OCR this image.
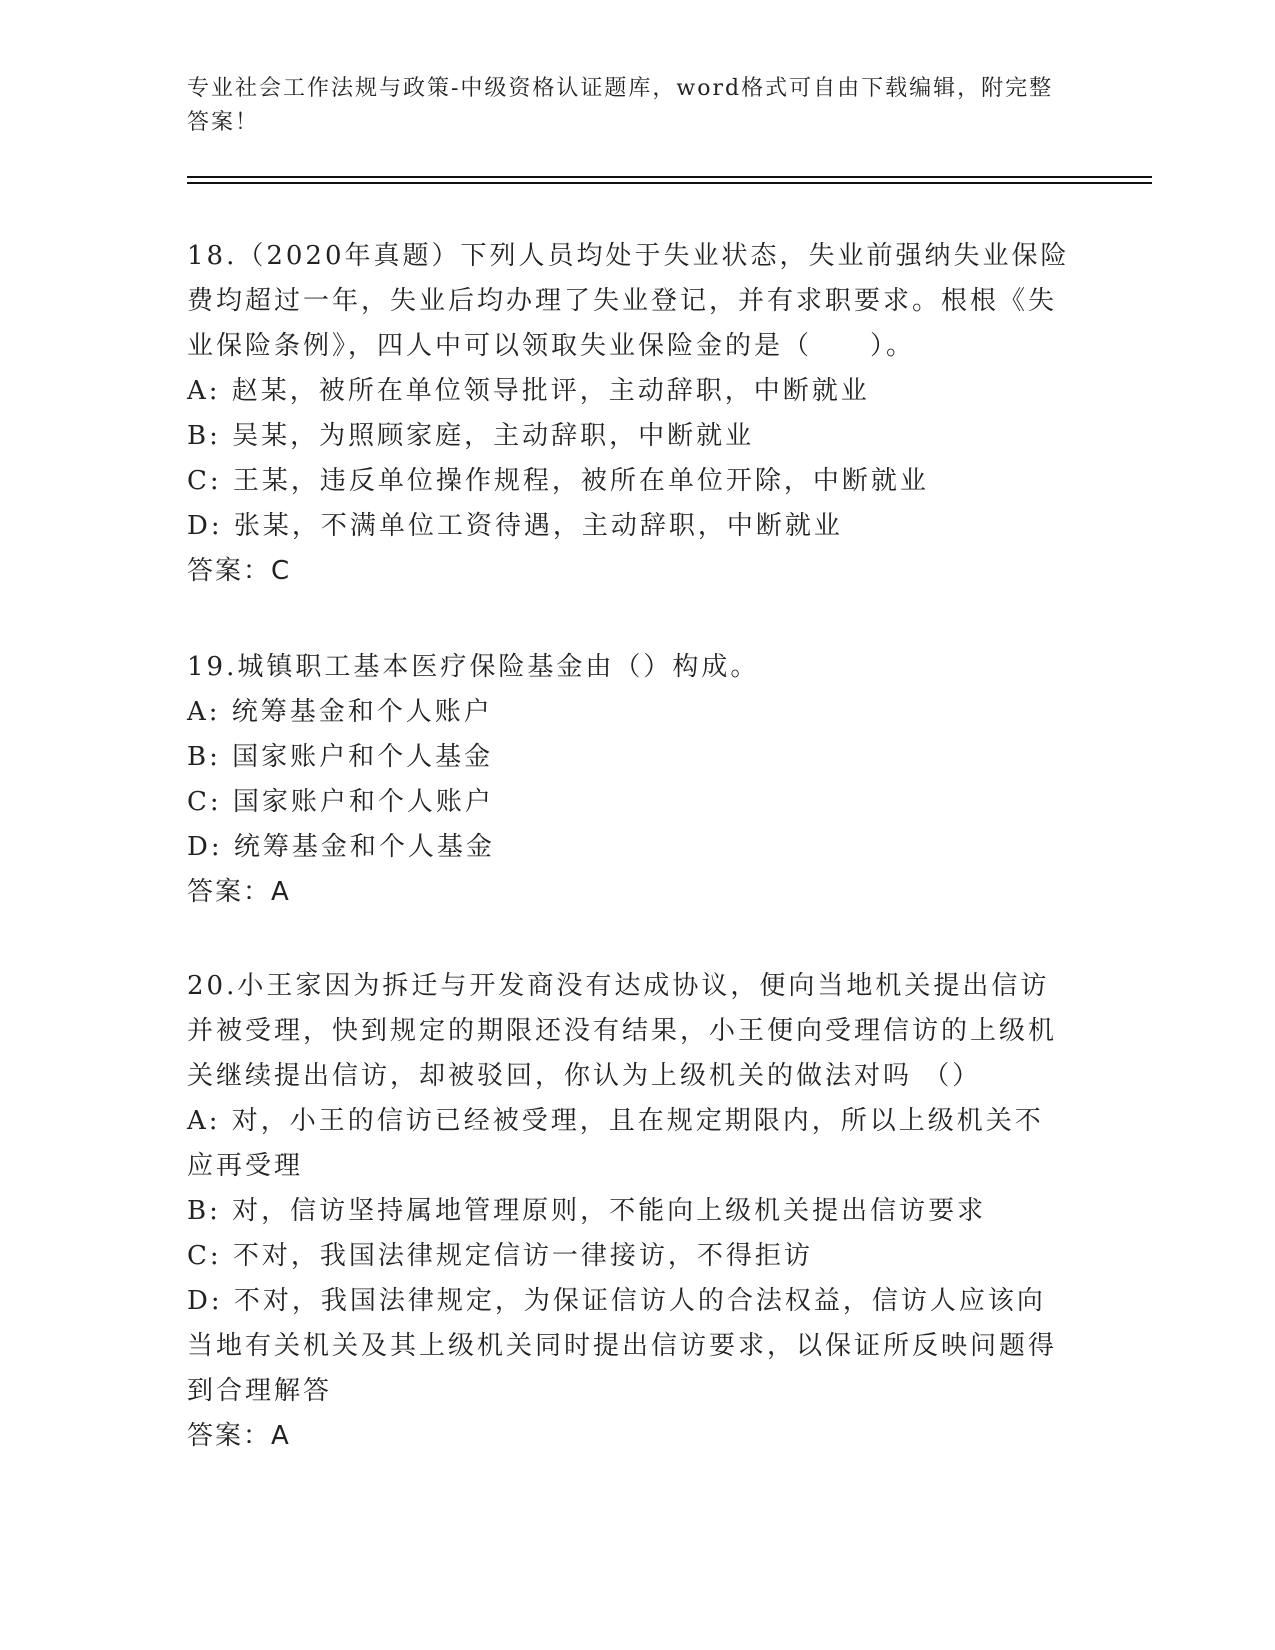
专业社会工作法规与政策-中级资格认证题库，word格式可自由下载编辑，附完整答案！
18.（2020年真题）下列人员均处于失业状态，失业前强纳失业保险费均超过一年，失业后均办理了失业登记，并有求职要求。根根《失业保险条例》，四人中可以领取失业保险金的是（　　）。
A: 赵某，被所在单位领导批评，主动辞职，中断就业
B: 吴某，为照顾家庭，主动辞职，中断就业
C: 王某，违反单位操作规程，被所在单位开除，中断就业
D: 张某，不满单位工资待遇，主动辞职，中断就业
答案：C
19.城镇职工基本医疗保险基金由（）构成。
A: 统筹基金和个人账户
B: 国家账户和个人基金
C: 国家账户和个人账户
D: 统筹基金和个人基金
答案：A
20.小王家因为拆迁与开发商没有达成协议，便向当地机关提出信访并被受理，快到规定的期限还没有结果，小王便向受理信访的上级机关继续提出信访，却被驳回，你认为上级机关的做法对吗 （）
A: 对，小王的信访已经被受理，且在规定期限内，所以上级机关不应再受理
B: 对，信访坚持属地管理原则，不能向上级机关提出信访要求
C: 不对，我国法律规定信访一律接访，不得拒访
D: 不对，我国法律规定，为保证信访人的合法权益，信访人应该向当地有关机关及其上级机关同时提出信访要求，以保证所反映问题得到合理解答
答案：A
